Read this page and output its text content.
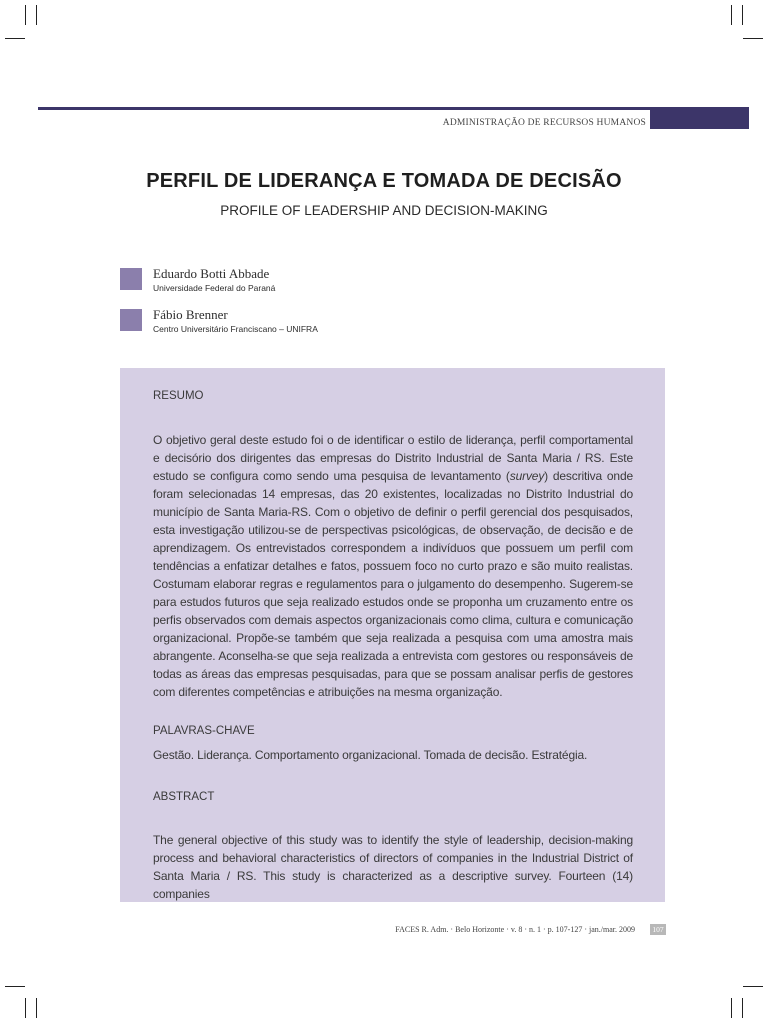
ADMINISTRAÇÃO DE RECURSOS HUMANOS
PERFIL DE LIDERANÇA E TOMADA DE DECISÃO
PROFILE OF LEADERSHIP AND DECISION-MAKING
Eduardo Botti Abbade
Universidade Federal do Paraná
Fábio Brenner
Centro Universitário Franciscano – UNIFRA
RESUMO
O objetivo geral deste estudo foi o de identificar o estilo de liderança, perfil comportamental e decisório dos dirigentes das empresas do Distrito Industrial de Santa Maria / RS. Este estudo se configura como sendo uma pesquisa de levantamento (survey) descritiva onde foram selecionadas 14 empresas, das 20 existentes, localizadas no Distrito Industrial do município de Santa Maria-RS. Com o objetivo de definir o perfil gerencial dos pesquisados, esta investigação utilizou-se de perspectivas psicológicas, de observação, de decisão e de aprendizagem. Os entrevistados correspondem a indivíduos que possuem um perfil com tendências a enfatizar detalhes e fatos, possuem foco no curto prazo e são muito realistas. Costumam elaborar regras e regulamentos para o julgamento do desempenho. Sugerem-se para estudos futuros que seja realizado estudos onde se proponha um cruzamento entre os perfis observados com demais aspectos organizacionais como clima, cultura e comunicação organizacional. Propõe-se também que seja realizada a pesquisa com uma amostra mais abrangente. Aconselha-se que seja realizada a entrevista com gestores ou responsáveis de todas as áreas das empresas pesquisadas, para que se possam analisar perfis de gestores com diferentes competências e atribuições na mesma organização.
PALAVRAS-CHAVE
Gestão. Liderança. Comportamento organizacional. Tomada de decisão. Estratégia.
ABSTRACT
The general objective of this study was to identify the style of leadership, decision-making process and behavioral characteristics of directors of companies in the Industrial District of Santa Maria / RS. This study is characterized as a descriptive survey. Fourteen (14) companies
FACES R. Adm. · Belo Horizonte · v. 8 · n. 1 · p. 107-127 · jan./mar. 2009	107
